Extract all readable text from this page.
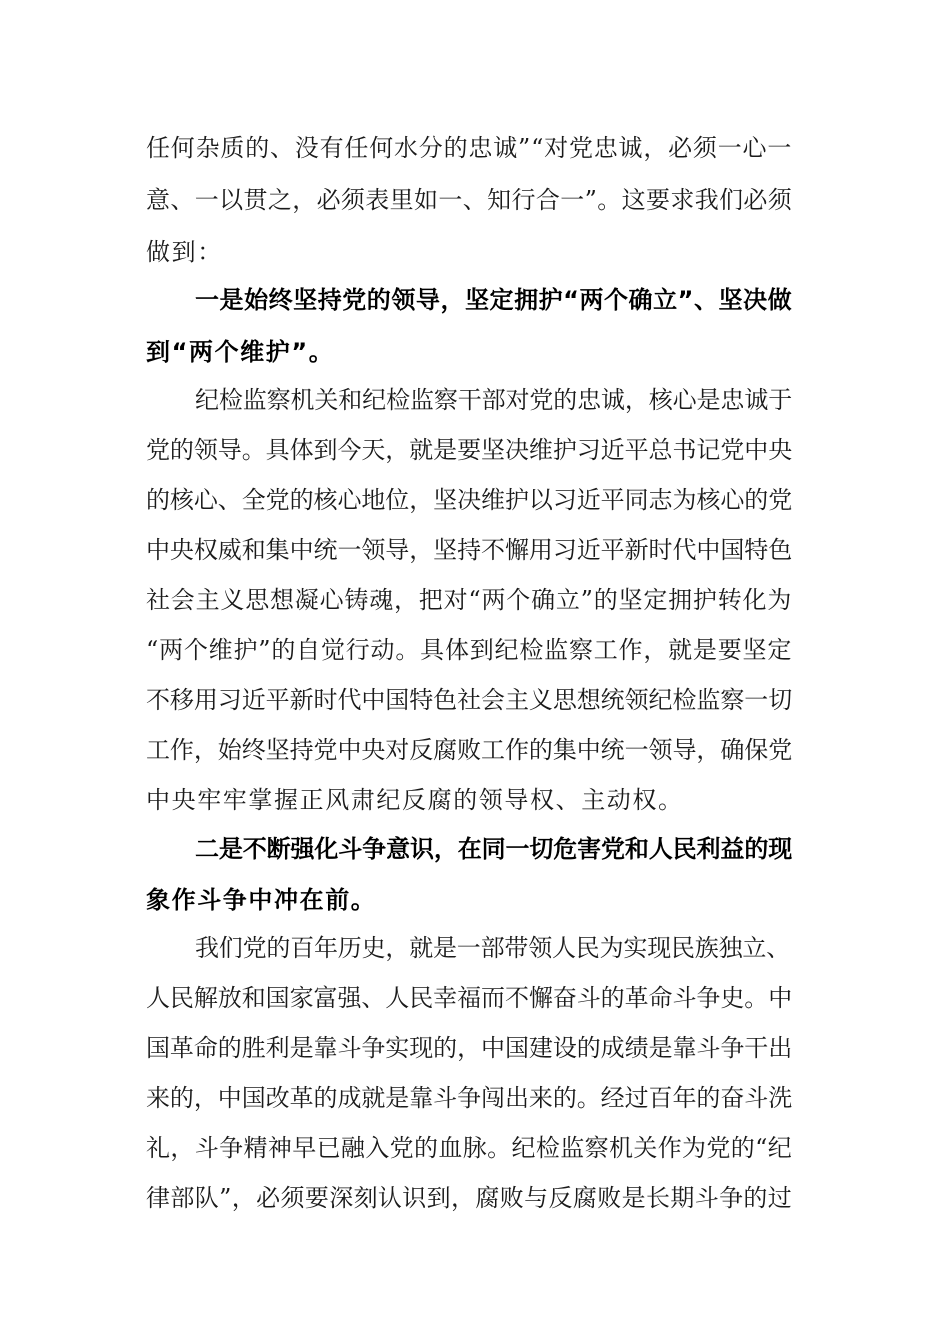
任何杂质的、没有任何水分的忠诚”“对党忠诚，必须一心一
意、一以贯之，必须表里如一、知行合一”。这要求我们必须
做到：
一是始终坚持党的领导，坚定拥护“两个确立”、坚决做
到“两个维护”。
纪检监察机关和纪检监察干部对党的忠诚，核心是忠诚于
党的领导。具体到今天，就是要坚决维护习近平总书记党中央
的核心、全党的核心地位，坚决维护以习近平同志为核心的党
中央权威和集中统一领导，坚持不懈用习近平新时代中国特色
社会主义思想凝心铸魂，把对“两个确立”的坚定拥护转化为
“两个维护”的自觉行动。具体到纪检监察工作，就是要坚定
不移用习近平新时代中国特色社会主义思想统领纪检监察一切
工作，始终坚持党中央对反腐败工作的集中统一领导，确保党
中央牢牢掌握正风肃纪反腐的领导权、主动权。
二是不断强化斗争意识，在同一切危害党和人民利益的现
象作斗争中冲在前。
我们党的百年历史，就是一部带领人民为实现民族独立、
人民解放和国家富强、人民幸福而不懈奋斗的革命斗争史。中
国革命的胜利是靠斗争实现的，中国建设的成绩是靠斗争干出
来的，中国改革的成就是靠斗争闯出来的。经过百年的奋斗洗
礼，斗争精神早已融入党的血脉。纪检监察机关作为党的“纪
律部队”，必须要深刻认识到，腐败与反腐败是长期斗争的过
